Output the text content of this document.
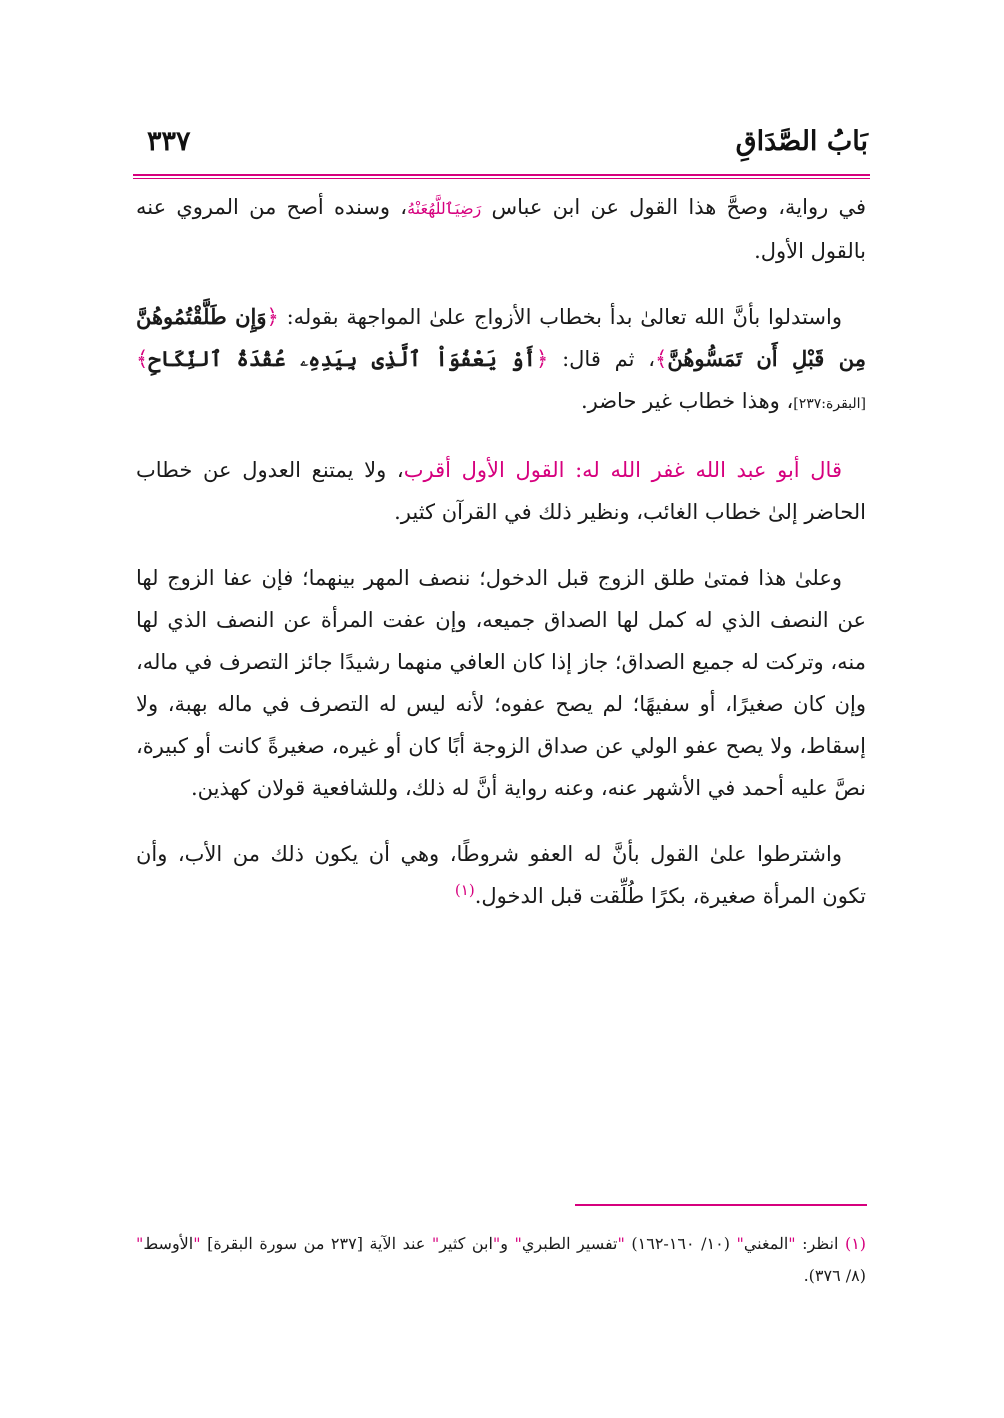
بَابُ الصَّدَاقِ
٣٣٧

في رواية، وصحَّ هذا القول عن ابن عباس رَضِيَٱللَّهُعَنْهُ، وسنده أصح من المروي عنه بالقول الأول.

واستدلوا بأنَّ الله تعالىٰ بدأ بخطاب الأزواج علىٰ المواجهة بقوله: ﴿وَإِن طَلَّقْتُمُوهُنَّ مِن قَبْلِ أَن تَمَسُّوهُنَّ﴾، ثم قال: ﴿أَوْ يَعْفُوَاْ ٱلَّذِى بِيَدِهِۦ عُقْدَةُ ٱلنِّكَاحِ﴾ [البقرة:٢٣٧]، وهذا خطاب غير حاضر.

قال أبو عبد الله غفر الله له: القول الأول أقرب، ولا يمتنع العدول عن خطاب الحاضر إلىٰ خطاب الغائب، ونظير ذلك في القرآن كثير.

وعلىٰ هذا فمتىٰ طلق الزوج قبل الدخول؛ ننصف المهر بينهما؛ فإن عفا الزوج لها عن النصف الذي له كمل لها الصداق جميعه، وإن عفت المرأة عن النصف الذي لها منه، وتركت له جميع الصداق؛ جاز إذا كان العافي منهما رشيدًا جائز التصرف في ماله، وإن كان صغيرًا، أو سفيهًا؛ لم يصح عفوه؛ لأنه ليس له التصرف في ماله بهبة، ولا إسقاط، ولا يصح عفو الولي عن صداق الزوجة أبًا كان أو غيره، صغيرةً كانت أو كبيرة، نصَّ عليه أحمد في الأشهر عنه، وعنه رواية أنَّ له ذلك، وللشافعية قولان كهذين.

واشترطوا علىٰ القول بأنَّ له العفو شروطًا، وهي أن يكون ذلك من الأب، وأن تكون المرأة صغيرة، بكرًا طُلِّقت قبل الدخول.$^{(١)}$

(١) انظر: "المغني" (١٠/ ١٦٠-١٦٢) "تفسير الطبري" و"ابن كثير" عند الآية [٢٣٧ من سورة البقرة] "الأوسط" (٨/ ٣٧٦).
